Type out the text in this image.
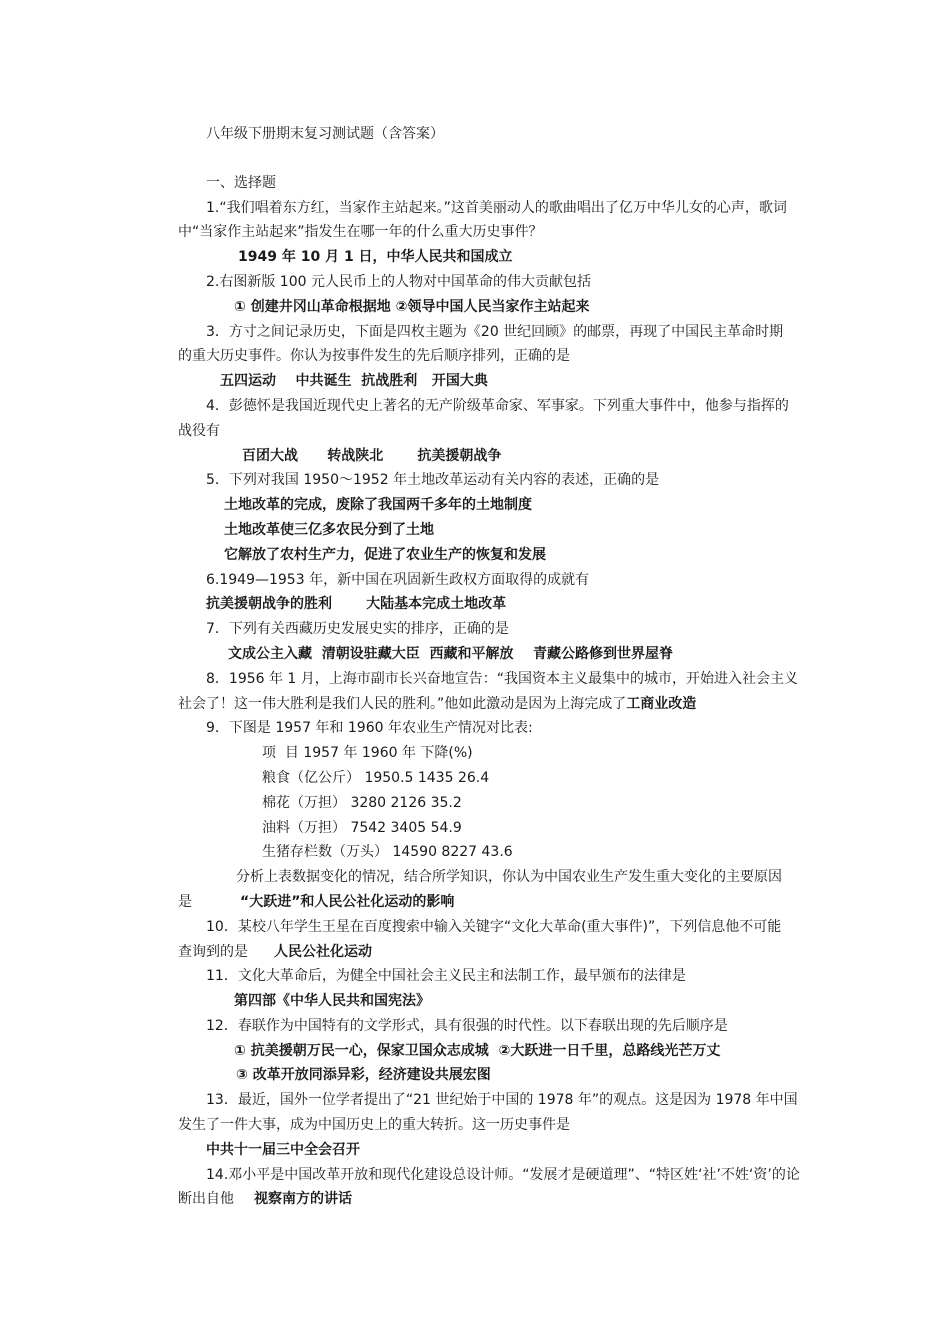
八年级下册期末复习测试题（含答案）
一、选择题
1.“我们唱着东方红，当家作主站起来。”这首美丽动人的歌曲唱出了亿万中华儿女的心声，歌词
中“当家作主站起来”指发生在哪一年的什么重大历史事件？
1949 年 10 月 1 日，中华人民共和国成立
2.右图新版 100 元人民币上的人物对中国革命的伟大贡献包括
① 创建井冈山革命根据地 ②领导中国人民当家作主站起来
3．方寸之间记录历史，下面是四枚主题为《20 世纪回顾》的邮票，再现了中国民主革命时期
的重大历史事件。你认为按事件发生的先后顺序排列，正确的是
五四运动    中共诞生  抗战胜利   开国大典
4．彭德怀是我国近现代史上著名的无产阶级革命家、军事家。下列重大事件中，他参与指挥的
战役有
百团大战      转战陕北       抗美援朝战争
5．下列对我国 1950～1952 年土地改革运动有关内容的表述，正确的是
土地改革的完成，废除了我国两千多年的土地制度
土地改革使三亿多农民分到了土地
它解放了农村生产力，促进了农业生产的恢复和发展
6.1949—1953 年，新中国在巩固新生政权方面取得的成就有
抗美援朝战争的胜利       大陆基本完成土地改革
7．下列有关西藏历史发展史实的排序，正确的是
文成公主入藏  清朝设驻藏大臣  西藏和平解放    青藏公路修到世界屋脊
8．1956 年 1 月，上海市副市长兴奋地宣告：“我国资本主义最集中的城市，开始进入社会主义
社会了！这一伟大胜利是我们人民的胜利。”他如此激动是因为上海完成了工商业改造
9．下图是 1957 年和 1960 年农业生产情况对比表:
项  目 1957 年 1960 年 下降(%)
粮食（亿公斤） 1950.5 1435 26.4
棉花（万担） 3280 2126 35.2
油料（万担） 7542 3405 54.9
生猪存栏数（万头） 14590 8227 43.6
分析上表数据变化的情况，结合所学知识，你认为中国农业生产发生重大变化的主要原因
是	“大跃进”和人民公社化运动的影响
10．某校八年学生王星在百度搜索中输入关键字“文化大革命(重大事件)”，下列信息他不可能
查询到的是 人民公社化运动
11．文化大革命后，为健全中国社会主义民主和法制工作，最早颁布的法律是
第四部《中华人民共和国宪法》
12．春联作为中国特有的文学形式，具有很强的时代性。以下春联出现的先后顺序是
① 抗美援朝万民一心，保家卫国众志成城  ②大跃进一日千里，总路线光芒万丈
③ 改革开放同添异彩，经济建设共展宏图
13．最近，国外一位学者提出了“21 世纪始于中国的 1978 年”的观点。这是因为 1978 年中国
发生了一件大事，成为中国历史上的重大转折。这一历史事件是
中共十一届三中全会召开
14.邓小平是中国改革开放和现代化建设总设计师。“发展才是硬道理”、“特区姓‘社’不姓‘资’的论
断出自他 视察南方的讲话
